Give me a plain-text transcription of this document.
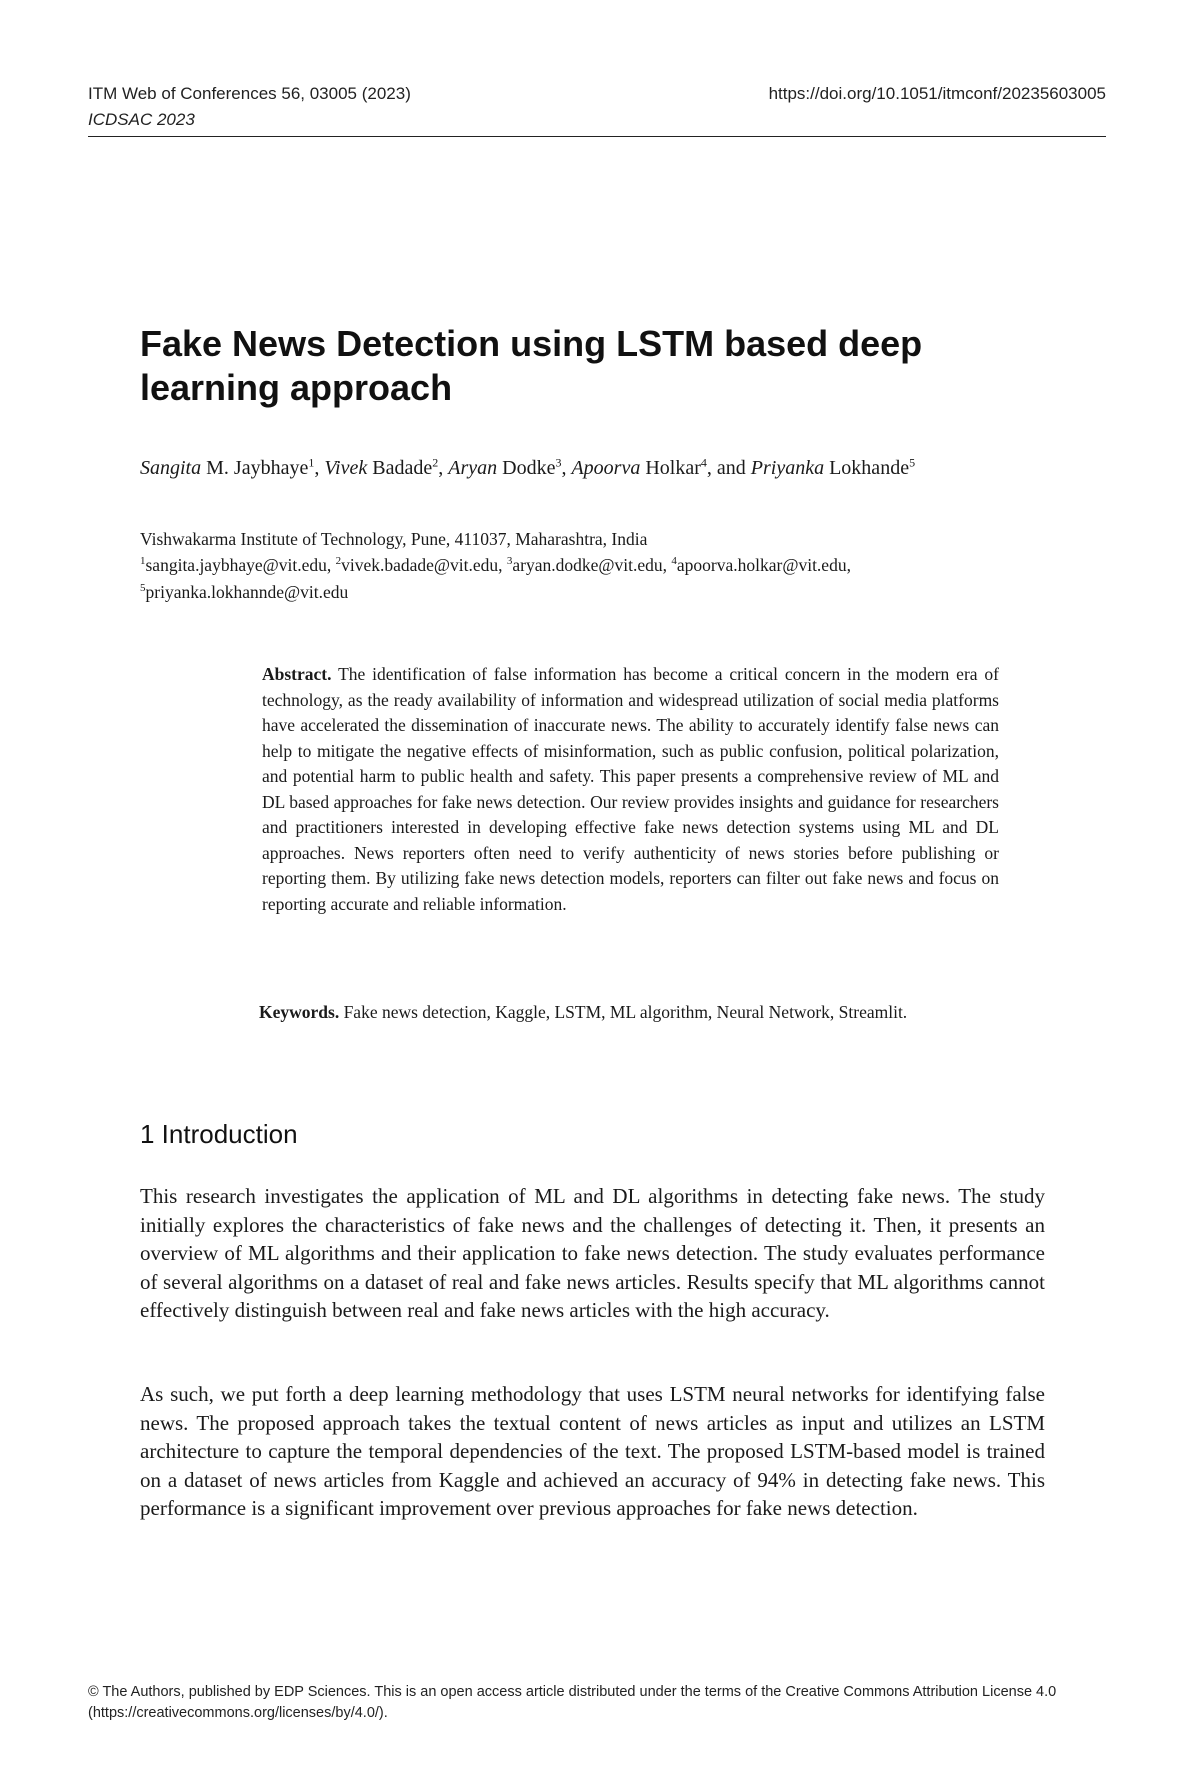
ITM Web of Conferences 56, 03005 (2023)
ICDSAC 2023
https://doi.org/10.1051/itmconf/20235603005
Fake News Detection using LSTM based deep learning approach
Sangita M. Jaybhaye$^1$, Vivek Badade$^2$, Aryan Dodke$^3$, Apoorva Holkar$^4$, and Priyanka Lokhande$^5$
Vishwakarma Institute of Technology, Pune, 411037, Maharashtra, India
$^1$sangita.jaybhaye@vit.edu, $^2$vivek.badade@vit.edu, $^3$aryan.dodke@vit.edu, $^4$apoorva.holkar@vit.edu,
$^5$priyanka.lokhannde@vit.edu
Abstract. The identification of false information has become a critical concern in the modern era of technology, as the ready availability of information and widespread utilization of social media platforms have accelerated the dissemination of inaccurate news. The ability to accurately identify false news can help to mitigate the negative effects of misinformation, such as public confusion, political polarization, and potential harm to public health and safety. This paper presents a comprehensive review of ML and DL based approaches for fake news detection. Our review provides insights and guidance for researchers and practitioners interested in developing effective fake news detection systems using ML and DL approaches. News reporters often need to verify authenticity of news stories before publishing or reporting them. By utilizing fake news detection models, reporters can filter out fake news and focus on reporting accurate and reliable information.
Keywords. Fake news detection, Kaggle, LSTM, ML algorithm, Neural Network, Streamlit.
1 Introduction

This research investigates the application of ML and DL algorithms in detecting fake news. The study initially explores the characteristics of fake news and the challenges of detecting it. Then, it presents an overview of ML algorithms and their application to fake news detection. The study evaluates performance of several algorithms on a dataset of real and fake news articles. Results specify that ML algorithms cannot effectively distinguish between real and fake news articles with the high accuracy.

As such, we put forth a deep learning methodology that uses LSTM neural networks for identifying false news. The proposed approach takes the textual content of news articles as input and utilizes an LSTM architecture to capture the temporal dependencies of the text. The proposed LSTM-based model is trained on a dataset of news articles from Kaggle and achieved an accuracy of 94% in detecting fake news. This performance is a significant improvement over previous approaches for fake news detection.

© The Authors, published by EDP Sciences. This is an open access article distributed under the terms of the Creative Commons Attribution License 4.0 (https://creativecommons.org/licenses/by/4.0/).
